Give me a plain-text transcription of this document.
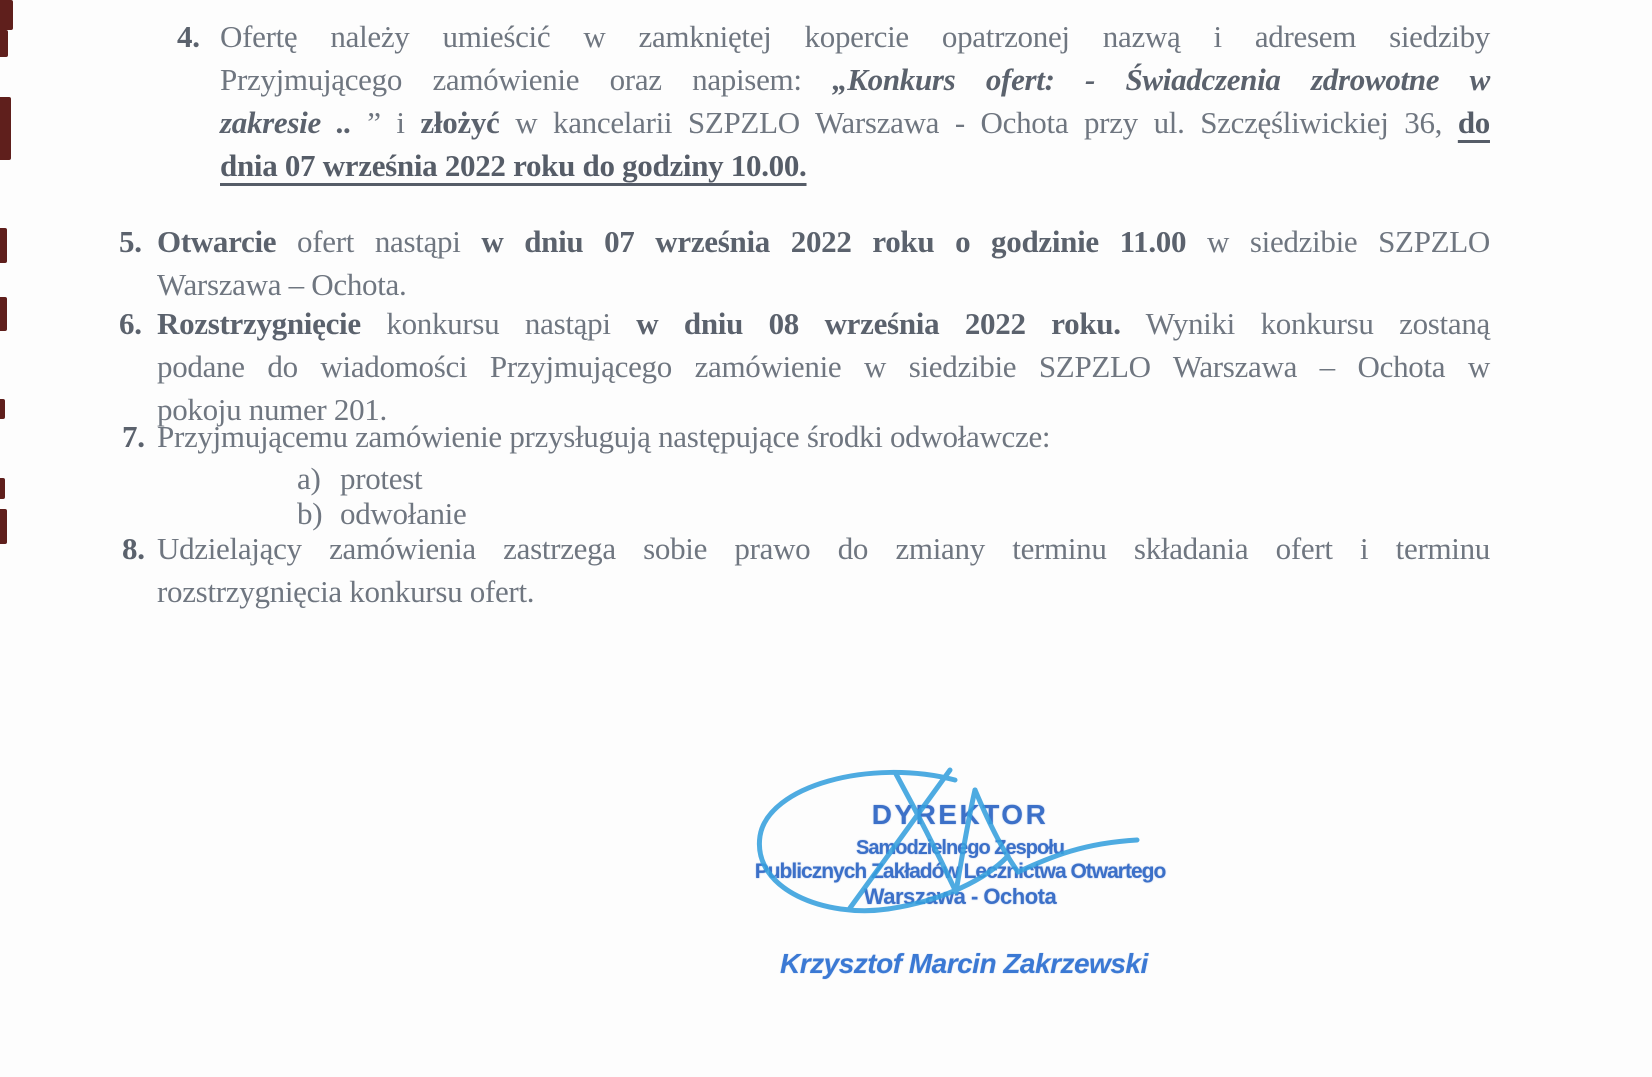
4. Ofertę należy umieścić w zamkniętej kopercie opatrzonej nazwą i adresem siedziby
Przyjmującego zamówienie oraz napisem: „Konkurs ofert: - Świadczenia zdrowotne w
zakresie .. ” i złożyć w kancelarii SZPZLO Warszawa - Ochota przy ul. Szczęśliwickiej 36, do
dnia 07 września 2022 roku do godziny 10.00.
5. Otwarcie ofert nastąpi w dniu 07 września 2022 roku o godzinie 11.00 w siedzibie SZPZLO
Warszawa – Ochota.
6. Rozstrzygnięcie konkursu nastąpi w dniu 08 września 2022 roku. Wyniki konkursu zostaną
podane do wiadomości Przyjmującego zamówienie w siedzibie SZPZLO Warszawa – Ochota w
pokoju numer 201.
7. Przyjmującemu zamówienie przysługują następujące środki odwoławcze:
a) protest
b) odwołanie
8. Udzielający zamówienia zastrzega sobie prawo do zmiany terminu składania ofert i terminu
rozstrzygnięcia konkursu ofert.
DYREKTOR
Samodzielnego Zespołu
Publicznych Zakładów Lecznictwa Otwartego
Warszawa - Ochota
Krzysztof Marcin Zakrzewski
